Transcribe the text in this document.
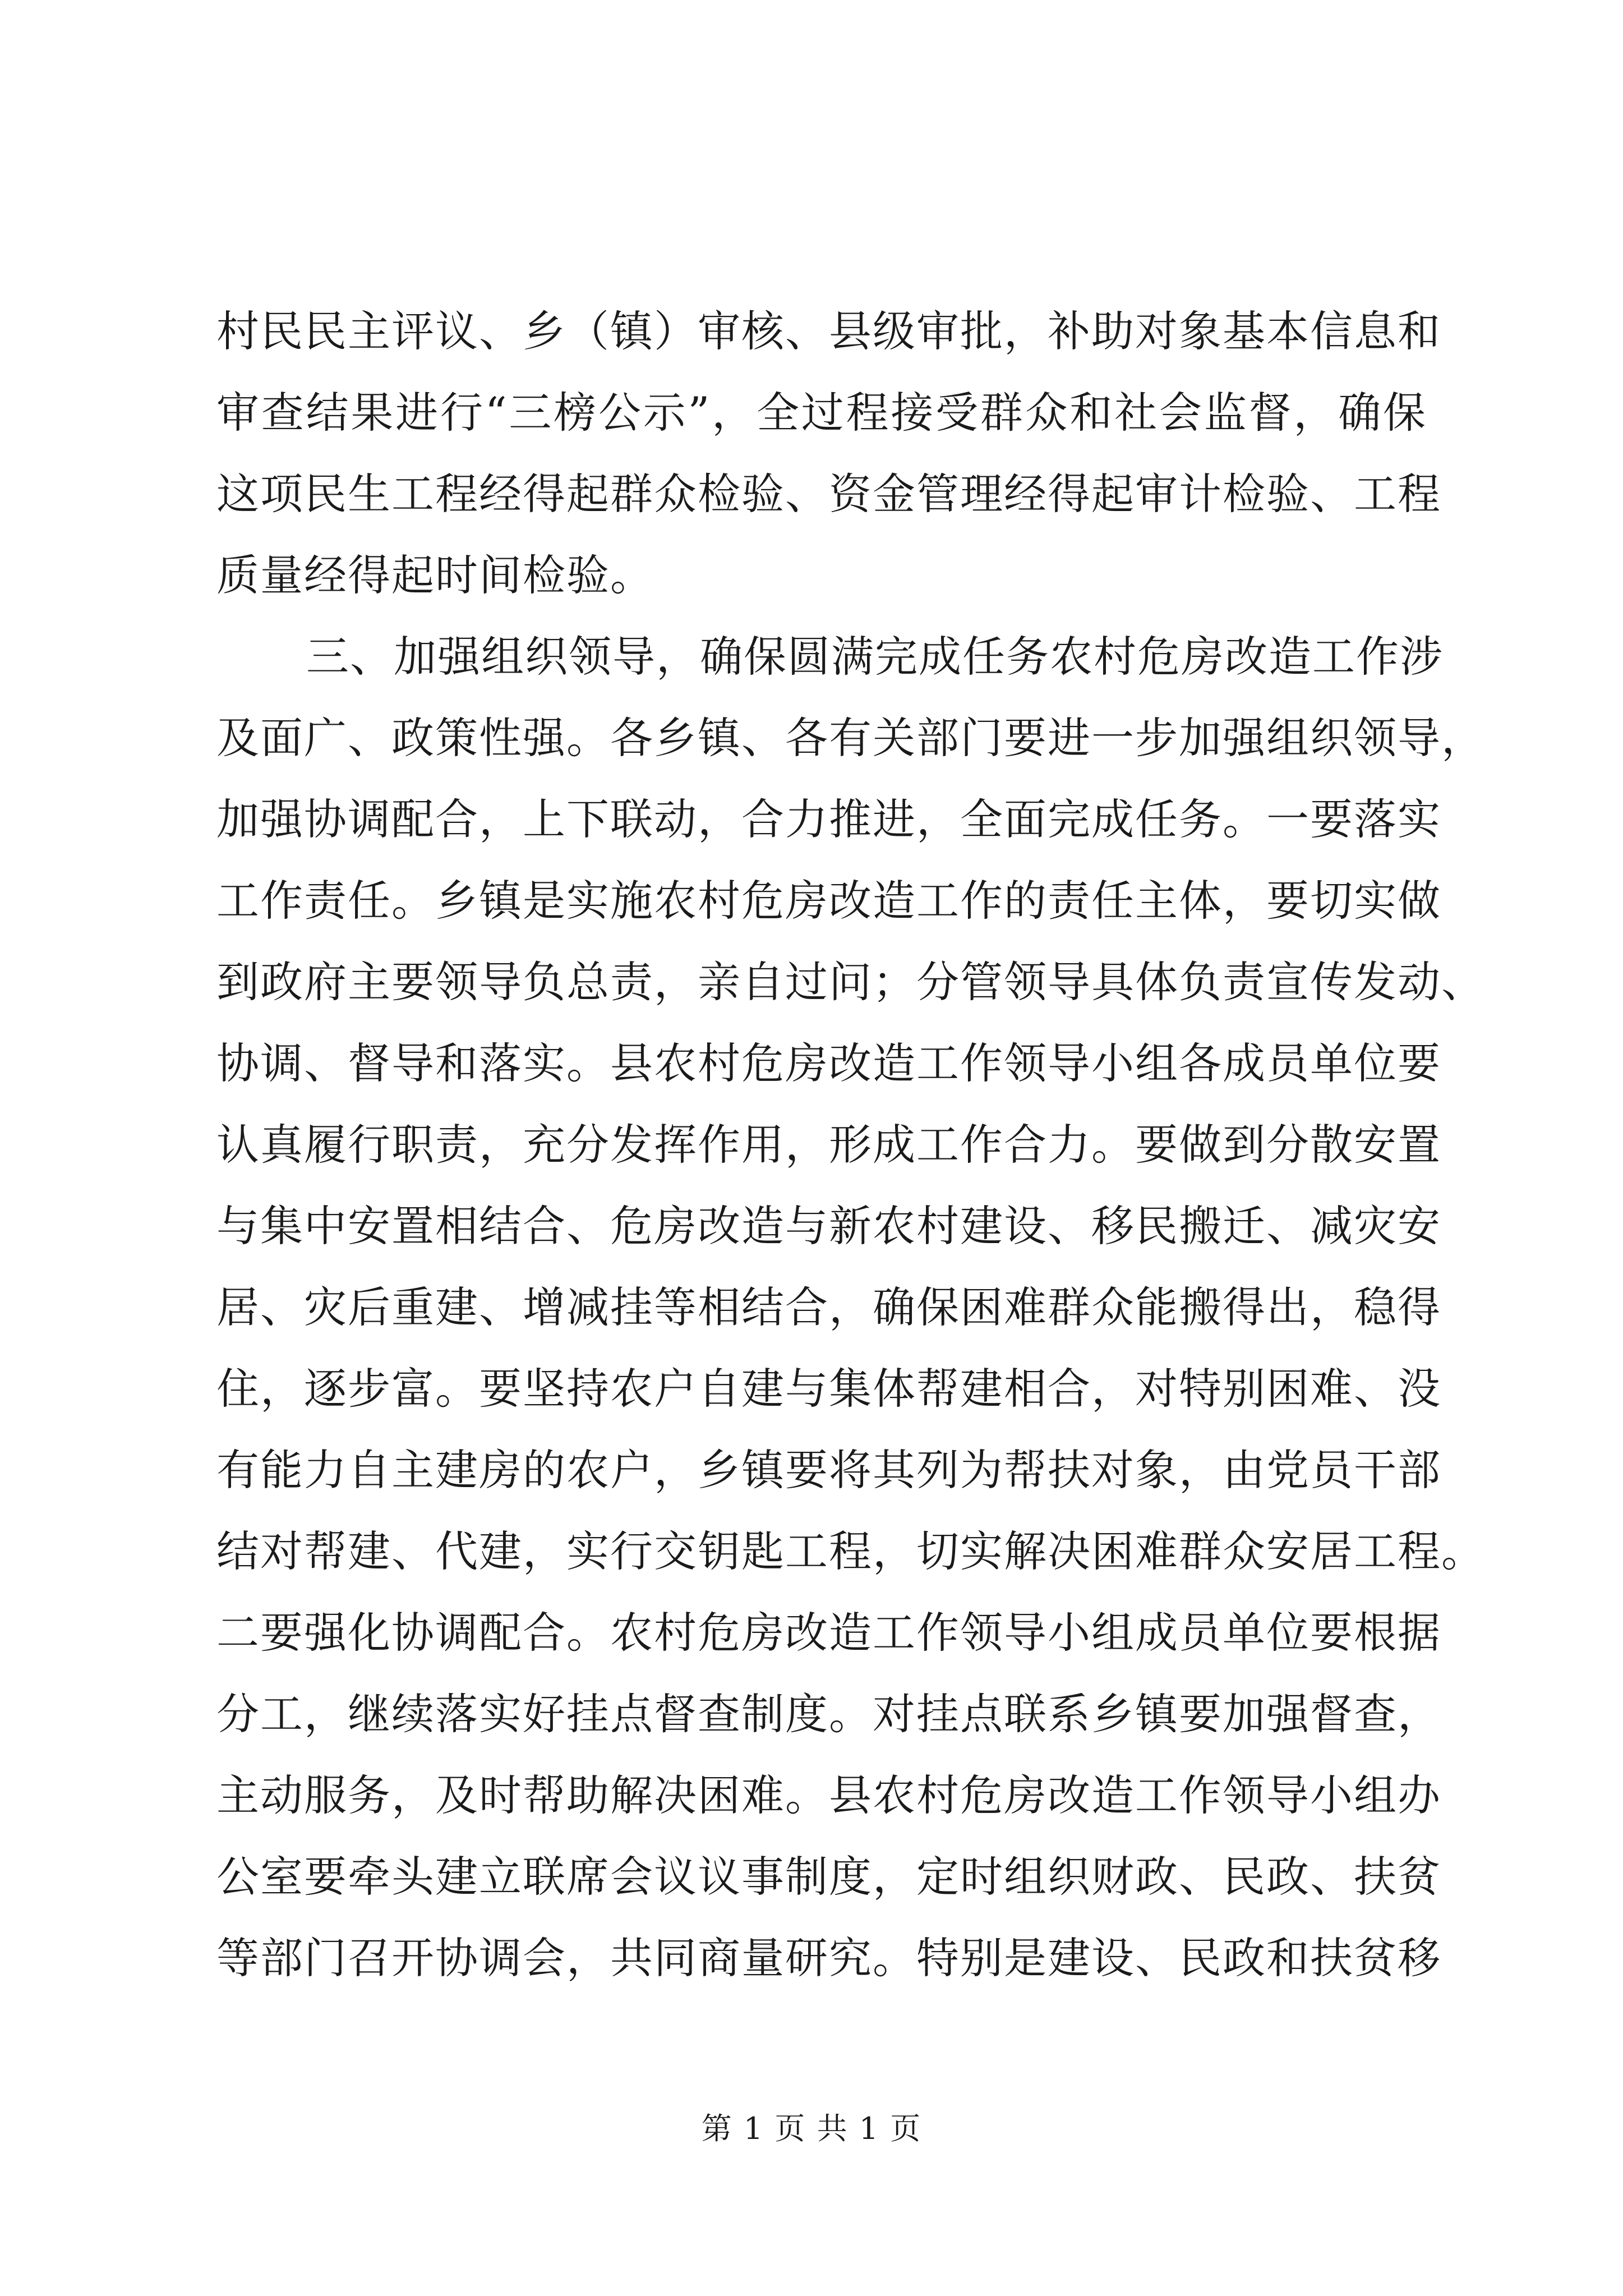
村民民主评议、乡（镇）审核、县级审批，补助对象基本信息和
审查结果进行“三榜公示”，全过程接受群众和社会监督，确保
这项民生工程经得起群众检验、资金管理经得起审计检验、工程
质量经得起时间检验。
三、加强组织领导，确保圆满完成任务农村危房改造工作涉
及面广、政策性强。各乡镇、各有关部门要进一步加强组织领导，
加强协调配合，上下联动，合力推进，全面完成任务。一要落实
工作责任。乡镇是实施农村危房改造工作的责任主体，要切实做
到政府主要领导负总责，亲自过问；分管领导具体负责宣传发动、
协调、督导和落实。县农村危房改造工作领导小组各成员单位要
认真履行职责，充分发挥作用，形成工作合力。要做到分散安置
与集中安置相结合、危房改造与新农村建设、移民搬迁、减灾安
居、灾后重建、增减挂等相结合，确保困难群众能搬得出，稳得
住，逐步富。要坚持农户自建与集体帮建相合，对特别困难、没
有能力自主建房的农户，乡镇要将其列为帮扶对象，由党员干部
结对帮建、代建，实行交钥匙工程，切实解决困难群众安居工程。
二要强化协调配合。农村危房改造工作领导小组成员单位要根据
分工，继续落实好挂点督查制度。对挂点联系乡镇要加强督查，
主动服务，及时帮助解决困难。县农村危房改造工作领导小组办
公室要牵头建立联席会议议事制度，定时组织财政、民政、扶贫
等部门召开协调会，共同商量研究。特别是建设、民政和扶贫移
第 1 页 共 1 页
